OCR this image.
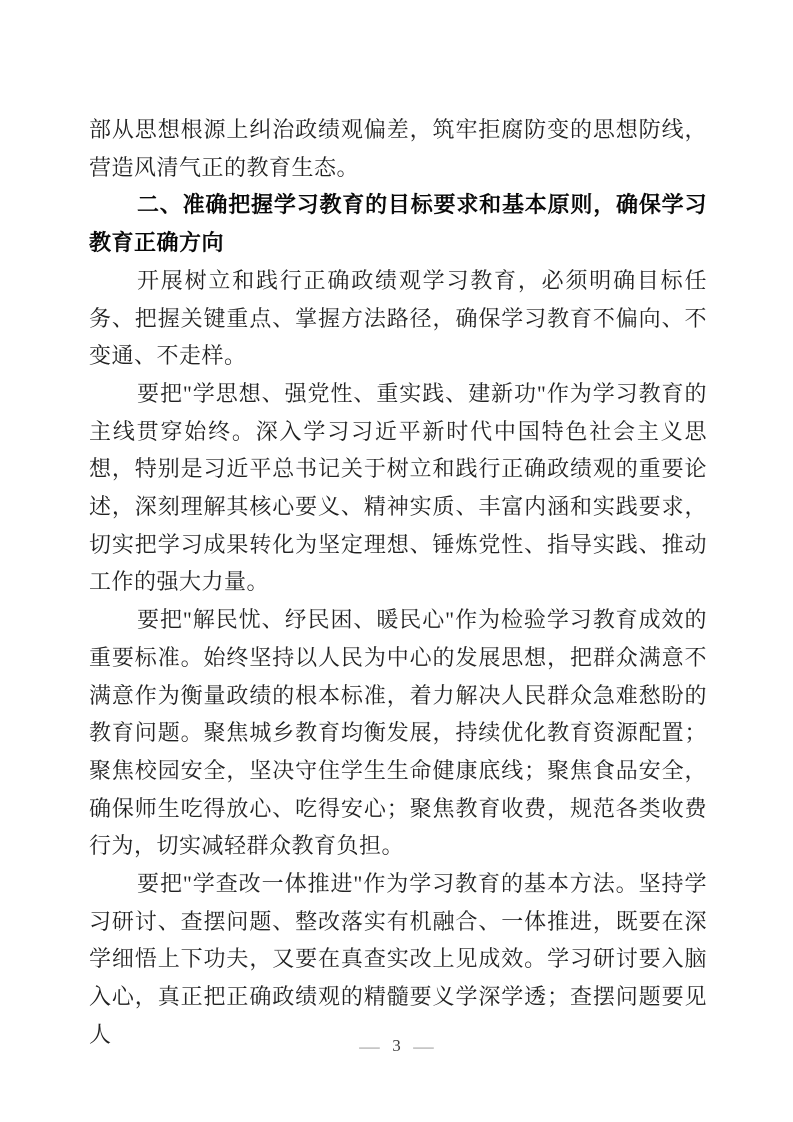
部从思想根源上纠治政绩观偏差，筑牢拒腐防变的思想防线，营造风清气正的教育生态。

二、准确把握学习教育的目标要求和基本原则，确保学习教育正确方向

开展树立和践行正确政绩观学习教育，必须明确目标任务、把握关键重点、掌握方法路径，确保学习教育不偏向、不变通、不走样。

要把"学思想、强党性、重实践、建新功"作为学习教育的主线贯穿始终。深入学习习近平新时代中国特色社会主义思想，特别是习近平总书记关于树立和践行正确政绩观的重要论述，深刻理解其核心要义、精神实质、丰富内涵和实践要求，切实把学习成果转化为坚定理想、锤炼党性、指导实践、推动工作的强大力量。

要把"解民忧、纾民困、暖民心"作为检验学习教育成效的重要标准。始终坚持以人民为中心的发展思想，把群众满意不满意作为衡量政绩的根本标准，着力解决人民群众急难愁盼的教育问题。聚焦城乡教育均衡发展，持续优化教育资源配置；聚焦校园安全，坚决守住学生生命健康底线；聚焦食品安全，确保师生吃得放心、吃得安心；聚焦教育收费，规范各类收费行为，切实减轻群众教育负担。

要把"学查改一体推进"作为学习教育的基本方法。坚持学习研讨、查摆问题、整改落实有机融合、一体推进，既要在深学细悟上下功夫，又要在真查实改上见成效。学习研讨要入脑入心，真正把正确政绩观的精髓要义学深学透；查摆问题要见人	— 3 —
